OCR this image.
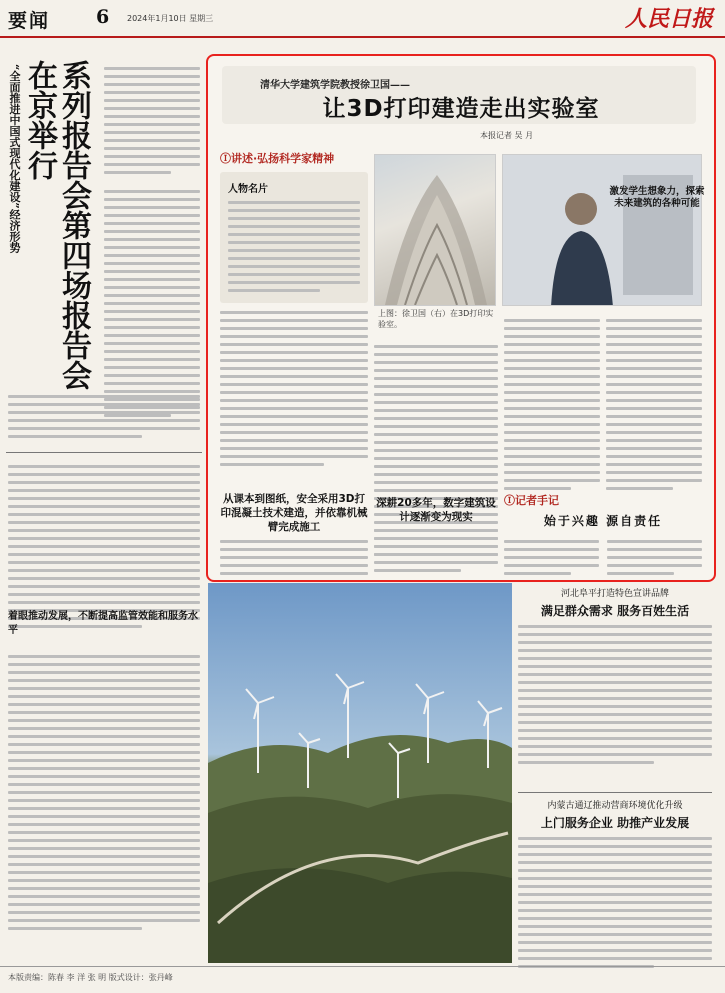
要闻 6 2024年1月10日 星期三	人民日报
“全面推进中国式现代化建设”经济形势	系列报告会第四场报告会在京举行
着眼推动发展，不断提高监管效能和服务水平
清华大学建筑学院教授徐卫国——
让3D打印建造走出实验室
本报记者 吴 月
Ⓘ讲述·弘扬科学家精神
人物名片
上图：徐卫国（右）在3D打印实验室。
从课本到图纸，安全采用3D打印混凝土技术建造，并依靠机械臂完成施工
深耕20多年，数字建筑设计逐渐变为现实
Ⓘ记者手记
始于兴趣 源自责任
激发学生想象力，探索未来建筑的各种可能
河北阜平打造特色宣讲品牌
满足群众需求 服务百姓生活
内蒙古通辽推动营商环境优化升级
上门服务企业 助推产业发展
本版责编：陈春 李 洋 张 明 版式设计：张丹峰
